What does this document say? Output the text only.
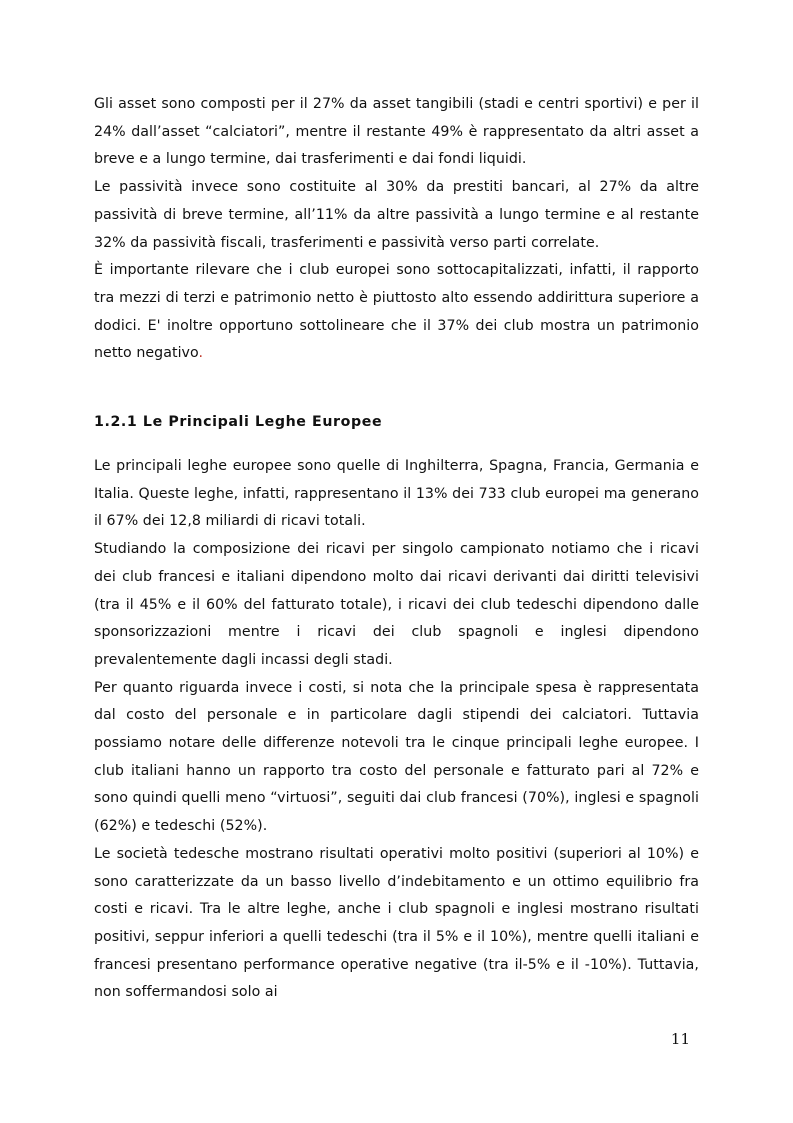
Gli asset sono composti per il 27% da asset tangibili (stadi e centri sportivi) e per il 24% dall’asset “calciatori”, mentre il restante 49% è rappresentato da altri asset a breve e a lungo termine, dai trasferimenti e dai fondi liquidi.

Le passività invece sono costituite al 30% da prestiti bancari, al 27% da altre passività di breve termine, all’11% da altre passività a lungo termine e al restante 32% da passività fiscali, trasferimenti e passività verso parti correlate.

È importante rilevare che i club europei sono sottocapitalizzati, infatti, il rapporto tra mezzi di terzi e patrimonio netto è piuttosto alto essendo addirittura superiore a dodici. E' inoltre opportuno sottolineare che il 37% dei club mostra un patrimonio netto negativo.

1.2.1 Le Principali Leghe Europee

Le principali leghe europee sono quelle di Inghilterra, Spagna, Francia, Germania e Italia. Queste leghe, infatti, rappresentano il 13% dei 733 club europei ma generano il 67% dei 12,8 miliardi di ricavi totali.

Studiando la composizione dei ricavi per singolo campionato notiamo che i ricavi dei club francesi e italiani dipendono molto dai ricavi derivanti dai diritti televisivi (tra il 45% e il 60% del fatturato totale), i ricavi dei club tedeschi dipendono dalle sponsorizzazioni mentre i ricavi dei club spagnoli e inglesi dipendono prevalentemente dagli incassi degli stadi.

Per quanto riguarda invece i costi, si nota che la principale spesa è rappresentata dal costo del personale e in particolare dagli stipendi dei calciatori. Tuttavia possiamo notare delle differenze notevoli tra le cinque principali leghe europee. I club italiani hanno un rapporto tra costo del personale e fatturato pari al 72% e sono quindi quelli meno “virtuosi”, seguiti dai club francesi (70%), inglesi e spagnoli (62%) e tedeschi (52%).

Le società tedesche mostrano risultati operativi molto positivi (superiori al 10%) e sono caratterizzate da un basso livello d’indebitamento e un ottimo equilibrio fra costi e ricavi. Tra le altre leghe, anche i club spagnoli e inglesi mostrano risultati positivi, seppur inferiori a quelli tedeschi (tra il 5% e il 10%), mentre quelli italiani e francesi presentano performance operative negative (tra il-5% e il -10%). Tuttavia, non soffermandosi solo ai

11
